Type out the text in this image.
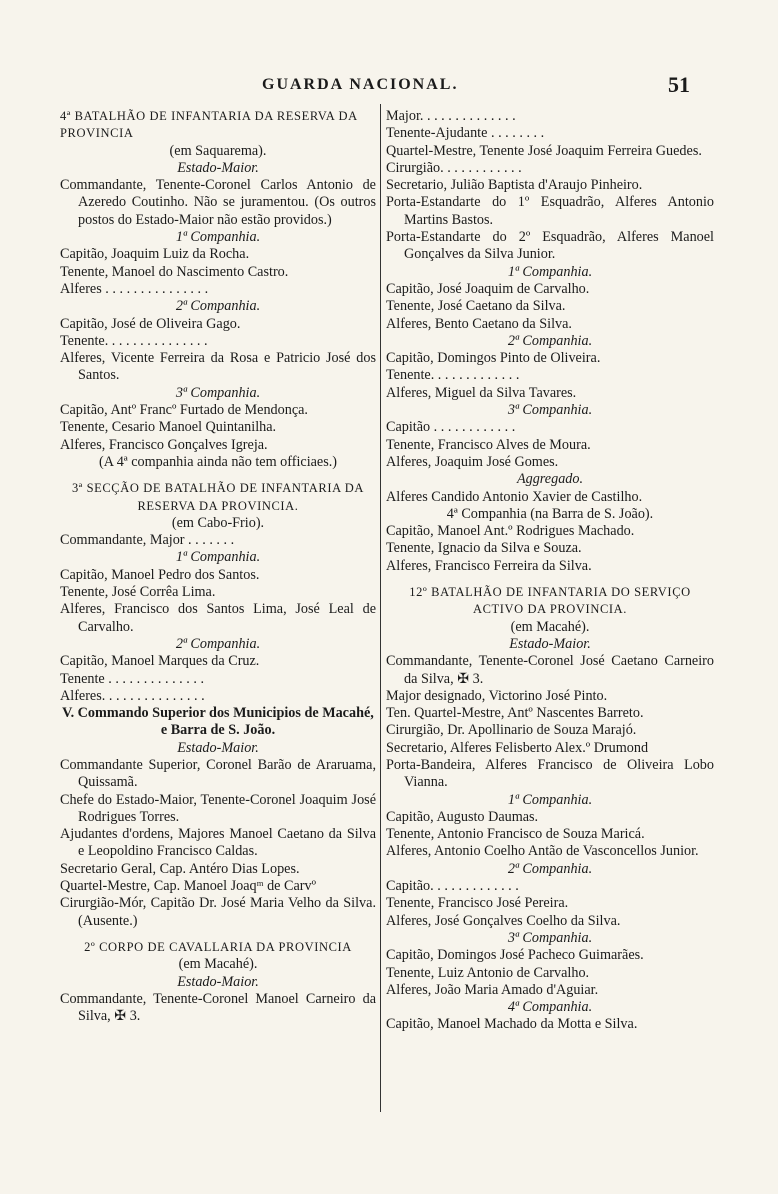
GUARDA NACIONAL.	51

4ª BATALHÃO DE INFANTARIA DA RESERVA DA PROVINCIA

(em Saquarema).

Estado-Maior.

Commandante, Tenente-Coronel Carlos Antonio de Azeredo Coutinho. Não se juramentou. (Os outros postos do Estado-Maior não estão providos.)

1ª Companhia.

Capitão, Joaquim Luiz da Rocha.

Tenente, Manoel do Nascimento Castro.

Alferes . . . . . . . . . . . . . . .

2ª Companhia.

Capitão, José de Oliveira Gago.

Tenente. . . . . . . . . . . . . . .

Alferes, Vicente Ferreira da Rosa e Patricio José dos Santos.

3ª Companhia.

Capitão, Antº Francº Furtado de Mendonça.

Tenente, Cesario Manoel Quintanilha.

Alferes, Francisco Gonçalves Igreja.

(A 4ª companhia ainda não tem officiaes.)

3ª SECÇÃO DE BATALHÃO DE INFANTARIA DA RESERVA DA PROVINCIA.

(em Cabo-Frio).

Commandante, Major . . . . . . .

1ª Companhia.

Capitão, Manoel Pedro dos Santos.

Tenente, José Corrêa Lima.

Alferes, Francisco dos Santos Lima, José Leal de Carvalho.

2ª Companhia.

Capitão, Manoel Marques da Cruz.

Tenente . . . . . . . . . . . . . .

Alferes. . . . . . . . . . . . . . .

V. Commando Superior dos Municipios de Macahé, e Barra de S. João.

Estado-Maior.

Commandante Superior, Coronel Barão de Araruama, Quissamã.

Chefe do Estado-Maior, Tenente-Coronel Joaquim José Rodrigues Torres.

Ajudantes d'ordens, Majores Manoel Caetano da Silva e Leopoldino Francisco Caldas.

Secretario Geral, Cap. Antéro Dias Lopes.

Quartel-Mestre, Cap. Manoel Joaqᵐ de Carvº

Cirurgião-Mór, Capitão Dr. José Maria Velho da Silva. (Ausente.)

2º CORPO DE CAVALLARIA DA PROVINCIA

(em Macahé).

Estado-Maior.

Commandante, Tenente-Coronel Manoel Carneiro da Silva, ✠ 3.

Major. . . . . . . . . . . . . .

Tenente-Ajudante . . . . . . . .

Quartel-Mestre, Tenente José Joaquim Ferreira Guedes.

Cirurgião. . . . . . . . . . . .

Secretario, Julião Baptista d'Araujo Pinheiro.

Porta-Estandarte do 1º Esquadrão, Alferes Antonio Martins Bastos.

Porta-Estandarte do 2º Esquadrão, Alferes Manoel Gonçalves da Silva Junior.

1ª Companhia.

Capitão, José Joaquim de Carvalho.

Tenente, José Caetano da Silva.

Alferes, Bento Caetano da Silva.

2ª Companhia.

Capitão, Domingos Pinto de Oliveira.

Tenente. . . . . . . . . . . . .

Alferes, Miguel da Silva Tavares.

3ª Companhia.

Capitão . . . . . . . . . . . .

Tenente, Francisco Alves de Moura.

Alferes, Joaquim José Gomes.

Aggregado.

Alferes Candido Antonio Xavier de Castilho.

4ª Companhia (na Barra de S. João).

Capitão, Manoel Ant.º Rodrigues Machado.

Tenente, Ignacio da Silva e Souza.

Alferes, Francisco Ferreira da Silva.

12º BATALHÃO DE INFANTARIA DO SERVIÇO ACTIVO DA PROVINCIA.

(em Macahé).

Estado-Maior.

Commandante, Tenente-Coronel José Caetano Carneiro da Silva, ✠ 3.

Major designado, Victorino José Pinto.

Ten. Quartel-Mestre, Antº Nascentes Barreto.

Cirurgião, Dr. Apollinario de Souza Marajó.

Secretario, Alferes Felisberto Alex.º Drumond

Porta-Bandeira, Alferes Francisco de Oliveira Lobo Vianna.

1ª Companhia.

Capitão, Augusto Daumas.

Tenente, Antonio Francisco de Souza Maricá.

Alferes, Antonio Coelho Antão de Vasconcellos Junior.

2ª Companhia.

Capitão. . . . . . . . . . . . .

Tenente, Francisco José Pereira.

Alferes, José Gonçalves Coelho da Silva.

3ª Companhia.

Capitão, Domingos José Pacheco Guimarães.

Tenente, Luiz Antonio de Carvalho.

Alferes, João Maria Amado d'Aguiar.

4ª Companhia.

Capitão, Manoel Machado da Motta e Silva.
